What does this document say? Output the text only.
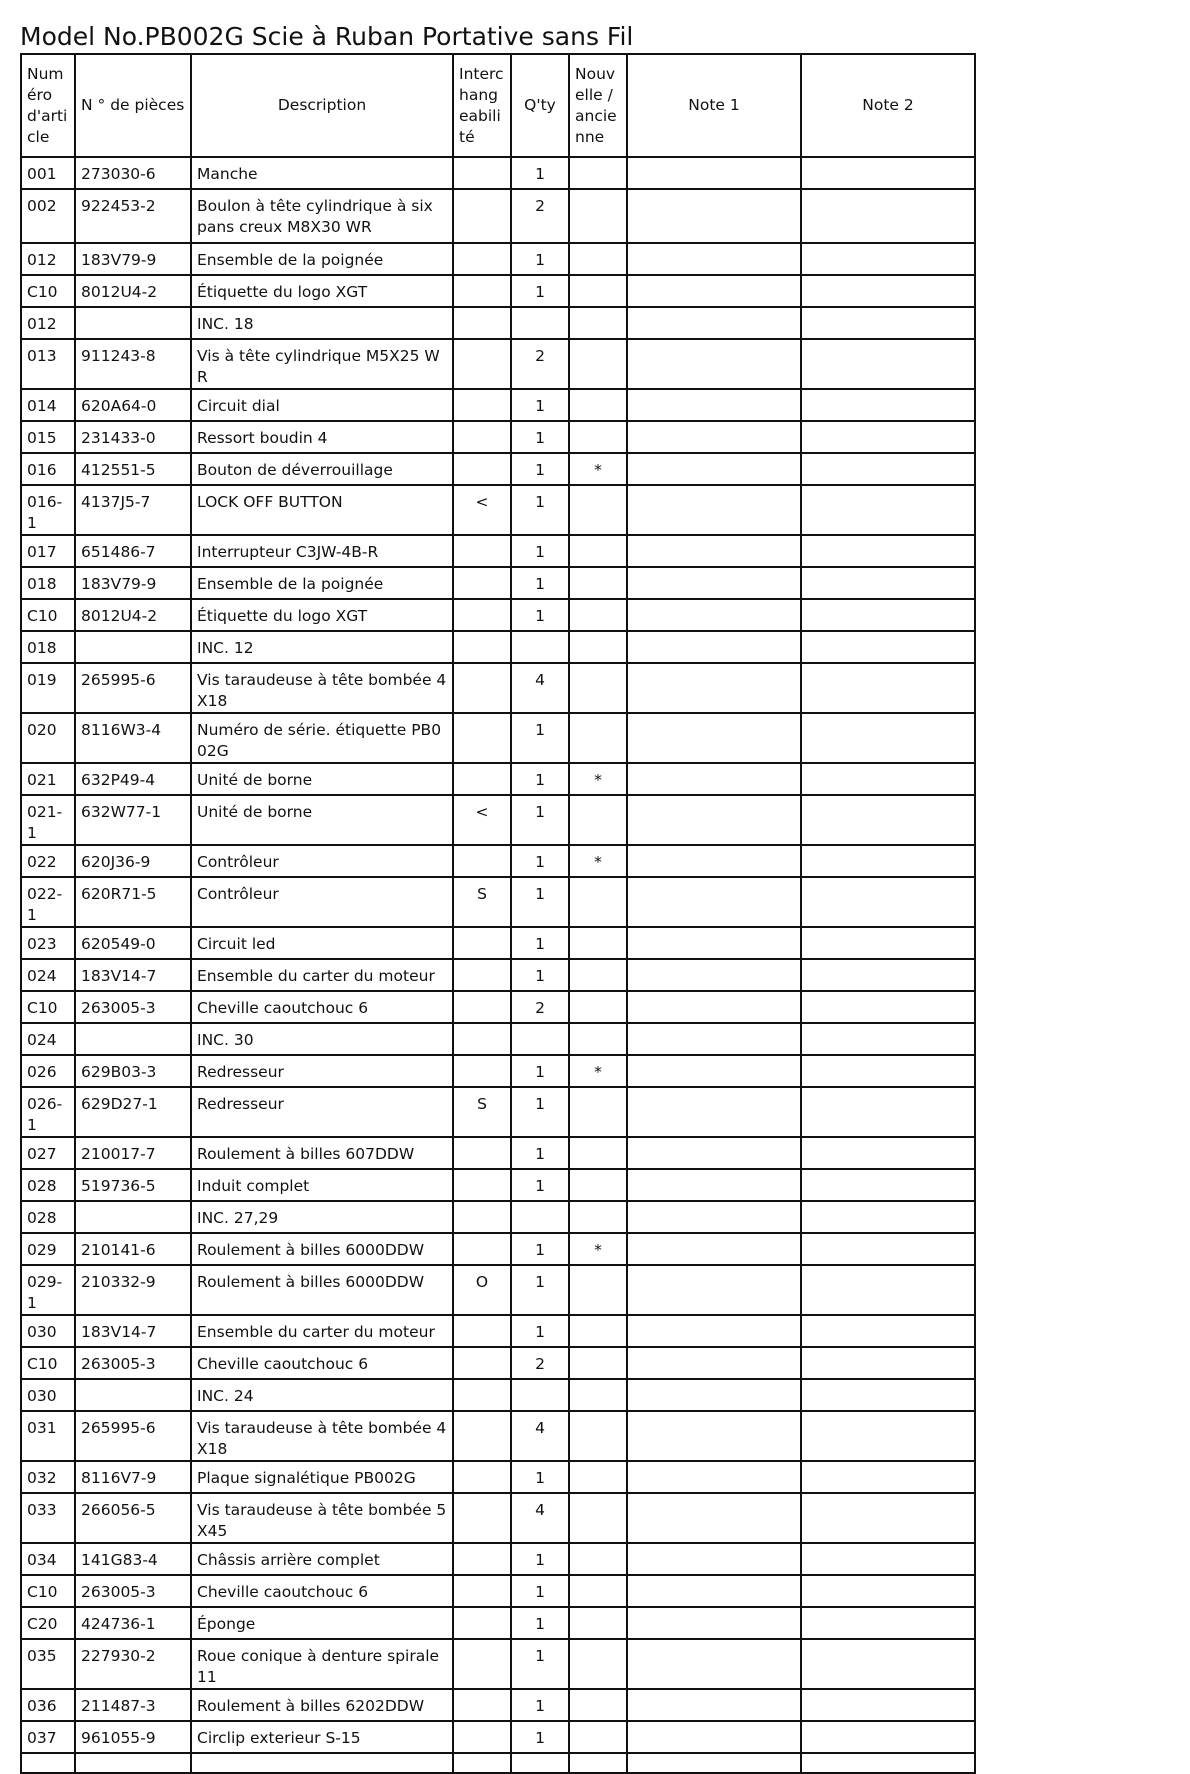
Model No.PB002G Scie à Ruban Portative sans Fil
Numéro d'article	N ° de pièces	Description	Interchangeabilité	Q'ty	Nouvelle / ancienne	Note 1	Note 2
001	273030-6	Manche		1			
002	922453-2	Boulon à tête cylindrique à six pans creux M8X30 WR		2			
012	183V79-9	Ensemble de la poignée		1			
C10	8012U4-2	Étiquette du logo XGT		1			
012		INC. 18					
013	911243-8	Vis à tête cylindrique M5X25 WR		2			
014	620A64-0	Circuit dial		1			
015	231433-0	Ressort boudin 4		1			
016	412551-5	Bouton de déverrouillage		1	*		
016-1	4137J5-7	LOCK OFF BUTTON	<	1			
017	651486-7	Interrupteur C3JW-4B-R		1			
018	183V79-9	Ensemble de la poignée		1			
C10	8012U4-2	Étiquette du logo XGT		1			
018		INC. 12					
019	265995-6	Vis taraudeuse à tête bombée 4X18		4			
020	8116W3-4	Numéro de série. étiquette PB002G		1			
021	632P49-4	Unité de borne		1	*		
021-1	632W77-1	Unité de borne	<	1			
022	620J36-9	Contrôleur		1	*		
022-1	620R71-5	Contrôleur	S	1			
023	620549-0	Circuit led		1			
024	183V14-7	Ensemble du carter du moteur		1			
C10	263005-3	Cheville caoutchouc 6		2			
024		INC. 30					
026	629B03-3	Redresseur		1	*		
026-1	629D27-1	Redresseur	S	1			
027	210017-7	Roulement à billes 607DDW		1			
028	519736-5	Induit complet		1			
028		INC. 27,29					
029	210141-6	Roulement à billes 6000DDW		1	*		
029-1	210332-9	Roulement à billes 6000DDW	O	1			
030	183V14-7	Ensemble du carter du moteur		1			
C10	263005-3	Cheville caoutchouc 6		2			
030		INC. 24					
031	265995-6	Vis taraudeuse à tête bombée 4X18		4			
032	8116V7-9	Plaque signalétique PB002G		1			
033	266056-5	Vis taraudeuse à tête bombée 5X45		4			
034	141G83-4	Châssis arrière complet		1			
C10	263005-3	Cheville caoutchouc 6		1			
C20	424736-1	Éponge		1			
035	227930-2	Roue conique à denture spirale 11		1			
036	211487-3	Roulement à billes 6202DDW		1			
037	961055-9	Circlip exterieur S-15		1			
